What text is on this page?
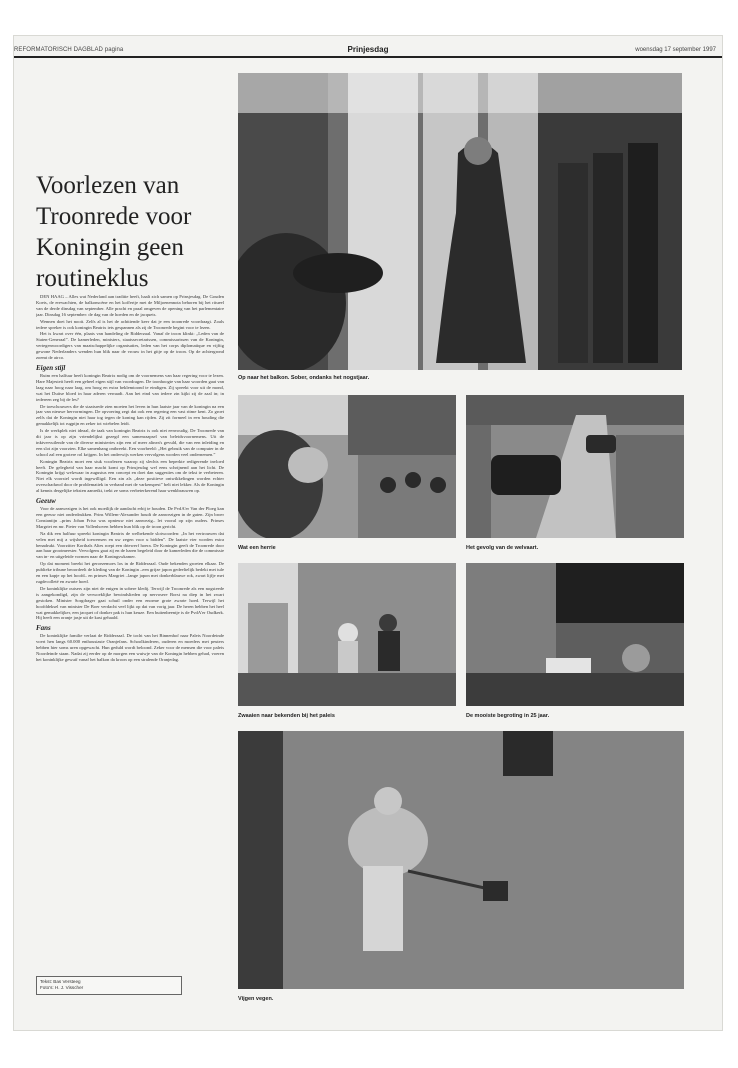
REFORMATORISCH DAGBLAD pagina	Prinjesdag	woensdag 17 september 1997
Voorlezen van
Troonrede voor
Koningin geen
routineklus

DEN HAAG – Alles wat Nederland aan traditie heeft, haalt zich samen op Prinsjesdag. De Gouden Koets, de erewachten, de balkonscène en het koffertje met de Miljoenennota behoren bij het ritueel van de derde dinsdag van september. Alle pracht en praal omgeven de opening van het parlementaire jaar. Dinsdag 16 september: de dag van de hoeden en de jacquets.

Wennen doet het nooit. Zelfs al is het de achttiende keer dat je een troonrede voordraagt. Zoals iedere spreker is ook koningin Beatrix iets gespannen als zij de Troonrede begint voor te lezen.

Het is kwart over één, plaats van handeling de Ridderzaal. Vanaf de troon klinkt: „Leden van de Staten-Generaal”. De kamerleden, ministers, staatssecretarissen, commissarissen van de Koningin, vertegenwoordigers van maatschappelijke organisaties, leden van het corps diplomatique en vijftig gewone Nederlanders wenden hun blik naar de vrouw in het gitje op de troon. Op de achtergrond zoemt de airco.

Eigen stijl

Ruim een halfuur heeft koningin Beatrix nodig om de voornemens van haar regering voor te lezen. Hare Majesteit heeft een geheel eigen stijl van voordragen. De toonhoogte van haar woorden gaat van laag naar hoog naar laag, om hoog en extra beklemtoond te eindigen. Zij spreekt voor uit de mond, wat het Duitse bloed in haar aderen verraadt. Aan het eind van iedere zin kijkt zij de zaal in; in iedereen zeg bij de les?

De toeschouwers die de staatsrede zien moeten het leven in hun laatste jaar van de koningin na een jaar van nieuwe hervormingen. De opvoering zegt dat ook een regering een vast ritme kent. Zo groet zelfs dat de Koningin niet haar tog tegen de koning kan rijden. Zij zit formeel in een houding die gemakkelijk tot rugpijn en zeker tot wiebelen leidt.

Is de werkplek niet ideaal, de taak van koningin Beatrix is ook niet eenvoudig. De Troonrede van dit jaar is op zijn vriendelijkst gezegd een samenraapsel van beleidsvoornemens. Uit de inktvervuilende van de diverse ministeries zijn een of meer alinea's gevuld, die van een inleiding en een slot zijn voorzien. Elke samenhang ontbreekt. Een voorbeeld: „Het gebruik van de computer in de school zal een grotere rol krijgen. In het onderwijs werken vervolgens worden veel ondernemen.”

Koningin Beatrix moet een stuk voorlezen waarop zij slechts een beperkte redigerende invloed heeft. De gelegheid van haar macht komt op Prinsjesdag wel eens schrijnend aan het licht. De Koningin krijgt welzwaar in augustus een concept en doet dan suggesties om de tekst te verbeteren. Niet elk voorstel wordt ingewilligd. Een zin als „deze positieve ontwikkelingen worden echter overschaduwd door de problematiek in verband met de varkenspest” belt niet lekker. Als de Koningin al kennis dergelijke teksten aanreikt, trekt ze soms verbeterkerend haar wenkbrauwen op.

Geeuw

Voor de aanwezigen is het ook moeilijk de aandacht erbij te houden. De PvdA'er Van der Ploeg kan een geeuw niet onderdrukken. Prins Willem-Alexander houdt de aanwezigen in de gaten. Zijn broer Constantijn –prins Johan Friso was opnieuw niet aanwezig– let vooral op zijn ouders. Prinses Margriet en mr. Pieter van Vollenhoven hebben hun blik op de troon gericht.

Na dik een halfuur spreekt koningin Beatrix de welbekende slotwoorden: „In het vertrouwen dat velen met mij a wijsheid toewensen en uw zegen voor u bidden”. De laatste vier worden extra benadrukt. Voorzitter Korthals Altes roept een driewerf hoera. De Koningin geeft de Troonrede door aan haar grootmeester. Vervolgens gaat zij en de haren begeleid door de kamerleden die de commissie van in- en uitgeleide vormen naar de Koningswkamer.

Op dat moment breekt het geroezemoes los in de Ridderzaal. Oude bekenden groeten elkaar. De publieke tribune beoordeelt de kleding van de Koningin –een grijze japon gedeeltelijk bedekt met tule en een kapje op het hoofd– en prinses Margriet –lange japon met donkerblauwe rok, zwart lijfje met rugdecolleté en zwarte hoed.

De koninklijke outsers zijn niet de enigen in sobere kledij. Terwijl de Troonrede als een nogsteede is aangekondigd, zijn de verwoeklijke bewindslieden op nervosere Borst na diep in het zwart gestoken. Minister Sorgdrager gaat schuil onder een enorme grote zwarte hoed. Terwijl het hoofddeksel van minister De Boer verdacht veel lijkt op dat van vorig jaar. De heren hebben het heel wat gemakkelijker, een jacquet of donker pak is hun keuze. Een buitenbeentje is de PvdA'er Oudkerk. Hij heeft een oranje jasje uit de kast gehaald.

Fans

De koninklijke familie verlaat de Ridderzaal. De tocht van het Binnenhof naar Paleis Noordeinde voert hen langs 60.000 enthousiaste Oranjefans. Schoolkinderen, ouderen en moeders met peuters hebben hier soms uren opgewacht. Hun geduld wordt beloond. Zeker voor de mensen die voor paleis Noordeinde staan. Nadat zij eerder op de morgen een wuiwje van de Koningin hebben gehad, voeren het koninklijke gewuif vanaf het balkon da kroon op een stralende Oranjedag.

Tekst: Bas Versteeg
Foto's: H. J. Visscher
Op naar het balkon. Sober, ondanks het nogstjaar.
Wat een herrie	Het gevolg van de welvaart.
Zwaaien naar bekenden bij het paleis	De mooiste begroting in 25 jaar.
Vijgen vegen.
